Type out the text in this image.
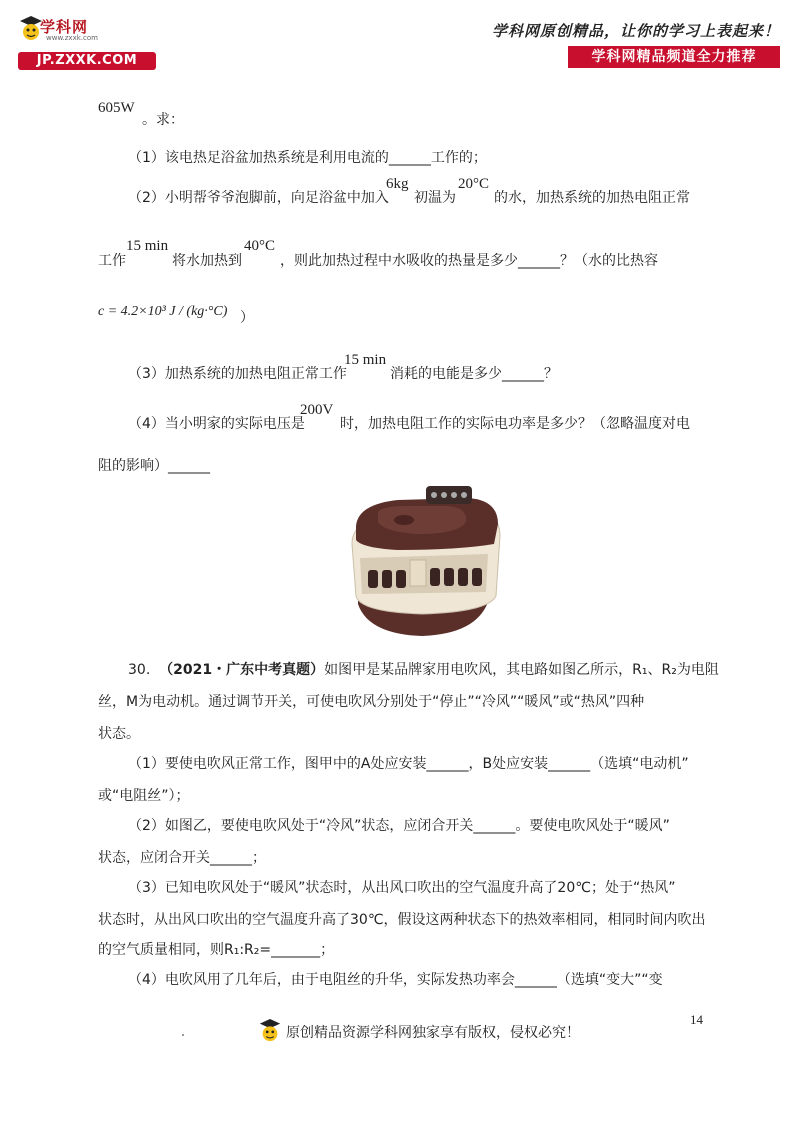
学科网
www.zxxk.com
JP.ZXXK.COM
学科网原创精品，让你的学习上表起来！
学科网精品频道全力推荐
605W
。求：
（1）该电热足浴盆加热系统是利用电流的______工作的；
（2）小明帮爷爷泡脚前，向足浴盆中加入
6kg
初温为
20°C
的水，加热系统的加热电阻正常
工作
15 min
将水加热到
40°C
，则此加热过程中水吸收的热量是多少______？（水的比热容
c = 4.2×10³ J / (kg·°C) ）
（3）加热系统的加热电阻正常工作
15 min
消耗的电能是多少______？
（4）当小明家的实际电压是
200V
时，加热电阻工作的实际电功率是多少？（忽略温度对电
阻的影响）______
30. （2021・广东中考真题）如图甲是某品牌家用电吹风，其电路如图乙所示，R₁、R₂为电阻
丝，M为电动机。通过调节开关，可使电吹风分别处于“停止”“冷风”“暖风”或“热风”四种
状态。
（1）要使电吹风正常工作，图甲中的A处应安装______，B处应安装______（选填“电动机”
或“电阻丝”）；
（2）如图乙，要使电吹风处于“冷风”状态，应闭合开关______。要使电吹风处于“暖风”
状态，应闭合开关______；
（3）已知电吹风处于“暖风”状态时，从出风口吹出的空气温度升高了20℃；处于“热风”
状态时，从出风口吹出的空气温度升高了30℃，假设这两种状态下的热效率相同，相同时间内吹出
的空气质量相同，则R₁:R₂=_______；
（4）电吹风用了几年后，由于电阻丝的升华，实际发热功率会______（选填“变大”“变
14
原创精品资源学科网独家享有版权，侵权必究！
